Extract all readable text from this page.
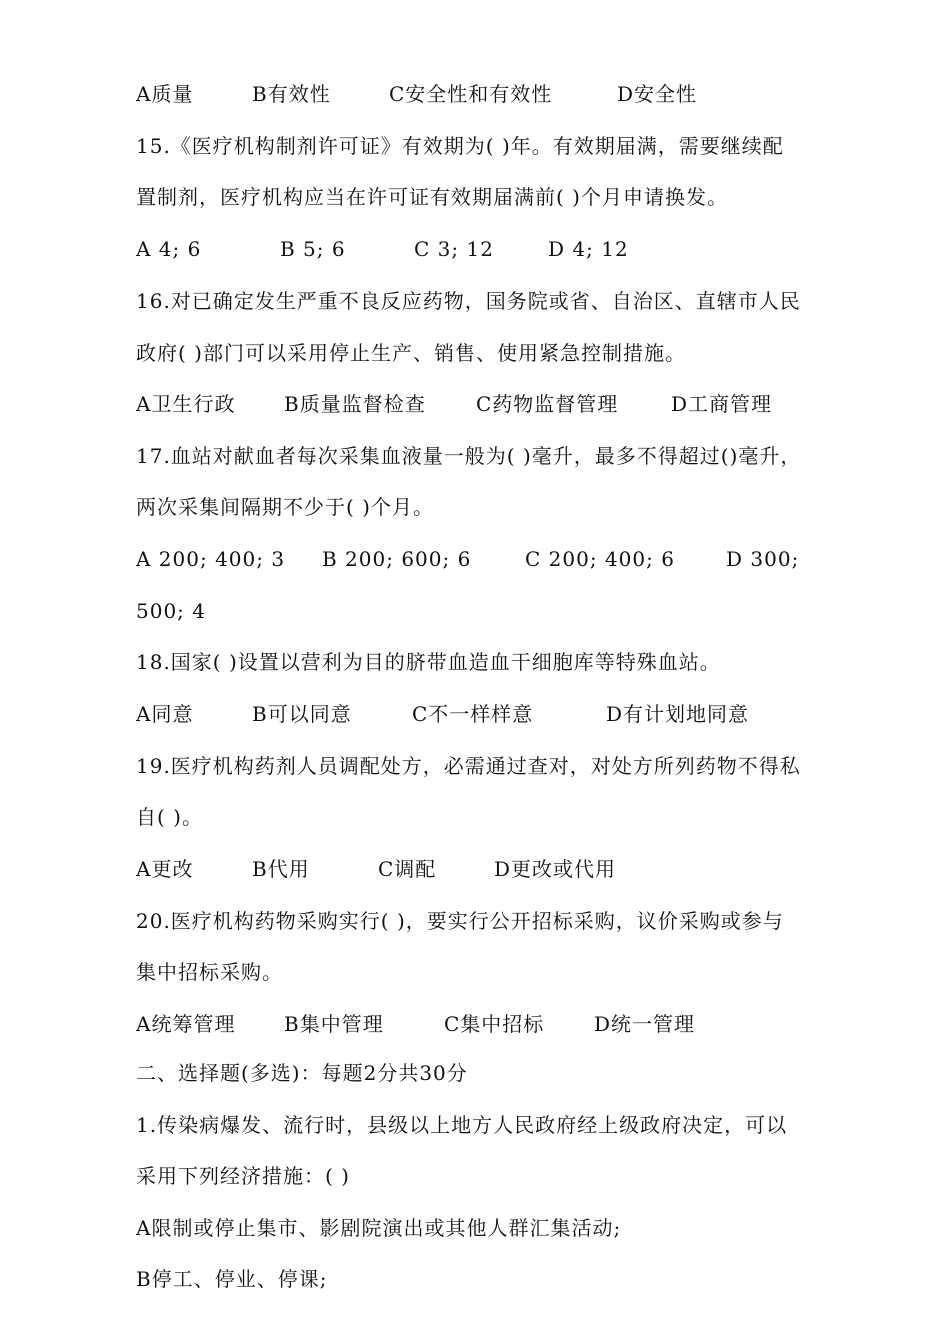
A质量	B有效性	C安全性和有效性	D安全性
15.《医疗机构制剂许可证》有效期为( )年。有效期届满，需要继续配
置制剂，医疗机构应当在许可证有效期届满前( )个月申请换发。
A 4; 6	B 5; 6	C 3; 12	D 4; 12
16.对已确定发生严重不良反应药物，国务院或省、自治区、直辖市人民
政府( )部门可以采用停止生产、销售、使用紧急控制措施。
A卫生行政	B质量监督检查	C药物监督管理	D工商管理
17.血站对献血者每次采集血液量一般为( )毫升，最多不得超过()毫升，
两次采集间隔期不少于( )个月。
A 200; 400; 3	B 200; 600; 6	C 200; 400; 6	D 300;
500; 4
18.国家( )设置以营利为目的脐带血造血干细胞库等特殊血站。
A同意	B可以同意	C不一样样意	D有计划地同意
19.医疗机构药剂人员调配处方，必需通过查对，对处方所列药物不得私
自( )。
A更改	B代用	C调配	D更改或代用
20.医疗机构药物采购实行( )，要实行公开招标采购，议价采购或参与
集中招标采购。
A统筹管理	B集中管理	C集中招标	D统一管理
二、选择题(多选)：每题2分共30分
1.传染病爆发、流行时，县级以上地方人民政府经上级政府决定，可以
采用下列经济措施：( )
A限制或停止集市、影剧院演出或其他人群汇集活动;
B停工、停业、停课;
